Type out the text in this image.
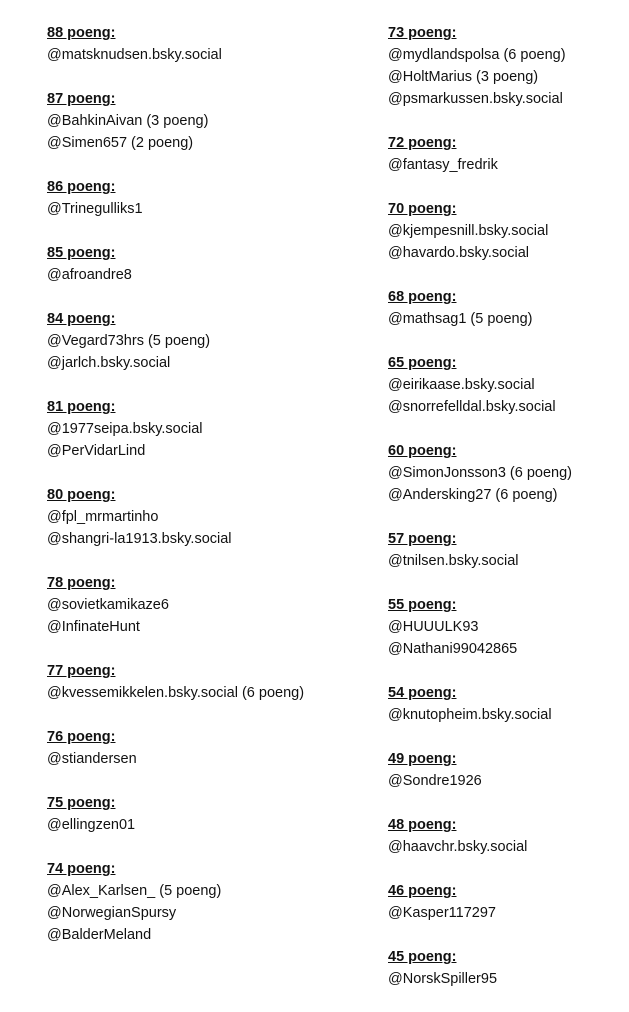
88 poeng:
@matsknudsen.bsky.social
87 poeng:
@BahkinAivan (3 poeng)
@Simen657 (2 poeng)
86 poeng:
@Trinegulliks1
85 poeng:
@afroandre8
84 poeng:
@Vegard73hrs (5 poeng)
@jarlch.bsky.social
81 poeng:
@1977seipa.bsky.social
@PerVidarLind
80 poeng:
@fpl_mrmartinho
@shangri-la1913.bsky.social
78 poeng:
@sovietkamikaze6
@InfinateHunt
77 poeng:
@kvessemikkelen.bsky.social (6 poeng)
76 poeng:
@stiandersen
75 poeng:
@ellingzen01
74 poeng:
@Alex_Karlsen_ (5 poeng)
@NorwegianSpursy
@BalderMeland
73 poeng:
@mydlandspolsa (6 poeng)
@HoltMarius (3 poeng)
@psmarkussen.bsky.social
72 poeng:
@fantasy_fredrik
70 poeng:
@kjempesnill.bsky.social
@havardo.bsky.social
68 poeng:
@mathsag1 (5 poeng)
65 poeng:
@eirikaase.bsky.social
@snorrefelldal.bsky.social
60 poeng:
@SimonJonsson3 (6 poeng)
@Andersking27 (6 poeng)
57 poeng:
@tnilsen.bsky.social
55 poeng:
@HUUULK93
@Nathani99042865
54 poeng:
@knutopheim.bsky.social
49 poeng:
@Sondre1926
48 poeng:
@haavchr.bsky.social
46 poeng:
@Kasper117297
45 poeng:
@NorskSpiller95
